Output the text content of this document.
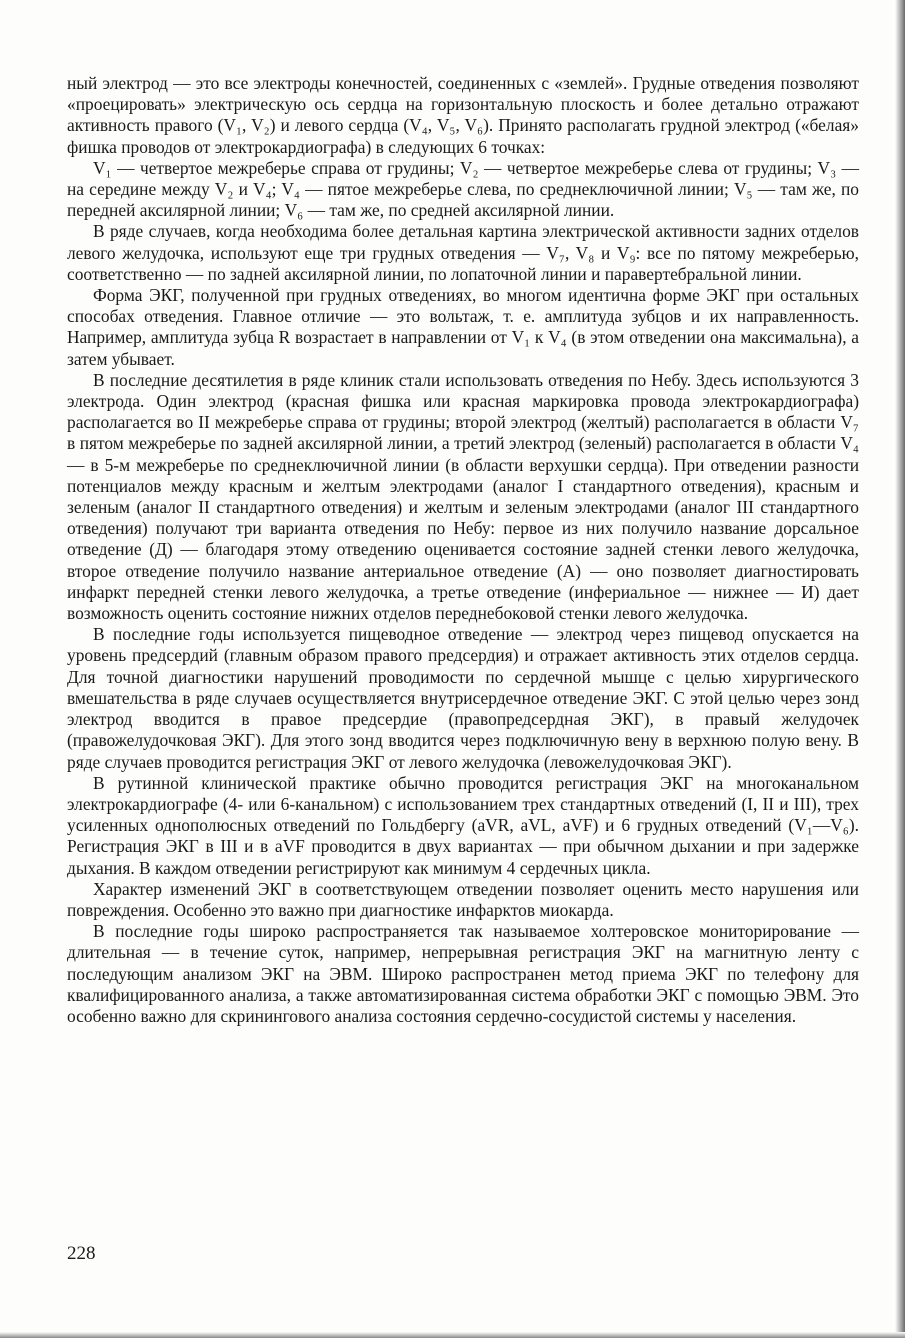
ный электрод — это все электроды конечностей, соединенных с «землей». Грудные отведения позволяют «проецировать» электрическую ось сердца на горизонтальную плоскость и более детально отражают активность правого (V₁, V₂) и левого сердца (V₄, V₅, V₆). Принято располагать грудной электрод («белая» фишка проводов от электрокардиографа) в следующих 6 точках:

V₁ — четвертое межреберье справа от грудины; V₂ — четвертое межреберье слева от грудины; V₃ — на середине между V₂ и V₄; V₄ — пятое межреберье слева, по среднеключичной линии; V₅ — там же, по передней аксилярной линии; V₆ — там же, по средней аксилярной линии.

В ряде случаев, когда необходима более детальная картина электрической активности задних отделов левого желудочка, используют еще три грудных отведения — V₇, V₈ и V₉: все по пятому межреберью, соответственно — по задней аксилярной линии, по лопаточной линии и паравертебральной линии.

Форма ЭКГ, полученной при грудных отведениях, во многом идентична форме ЭКГ при остальных способах отведения. Главное отличие — это вольтаж, т. е. амплитуда зубцов и их направленность. Например, амплитуда зубца R возрастает в направлении от V₁ к V₄ (в этом отведении она максимальна), а затем убывает.

В последние десятилетия в ряде клиник стали использовать отведения по Небу. Здесь используются 3 электрода. Один электрод (красная фишка или красная маркировка провода электрокардиографа) располагается во II межреберье справа от грудины; второй электрод (желтый) располагается в области V₇ в пятом межреберье по задней аксилярной линии, а третий электрод (зеленый) располагается в области V₄ — в 5-м межреберье по среднеключичной линии (в области верхушки сердца). При отведении разности потенциалов между красным и желтым электродами (аналог I стандартного отведения), красным и зеленым (аналог II стандартного отведения) и желтым и зеленым электродами (аналог III стандартного отведения) получают три варианта отведения по Небу: первое из них получило название дорсальное отведение (Д) — благодаря этому отведению оценивается состояние задней стенки левого желудочка, второе отведение получило название антериальное отведение (А) — оно позволяет диагностировать инфаркт передней стенки левого желудочка, а третье отведение (инфериальное — нижнее — И) дает возможность оценить состояние нижних отделов переднебоковой стенки левого желудочка.

В последние годы используется пищеводное отведение — электрод через пищевод опускается на уровень предсердий (главным образом правого предсердия) и отражает активность этих отделов сердца. Для точной диагностики нарушений проводимости по сердечной мышце с целью хирургического вмешательства в ряде случаев осуществляется внутрисердечное отведение ЭКГ. С этой целью через зонд электрод вводится в правое предсердие (правопредсердная ЭКГ), в правый желудочек (правожелудочковая ЭКГ). Для этого зонд вводится через подключичную вену в верхнюю полую вену. В ряде случаев проводится регистрация ЭКГ от левого желудочка (левожелудочковая ЭКГ).

В рутинной клинической практике обычно проводится регистрация ЭКГ на многоканальном электрокардиографе (4- или 6-канальном) с использованием трех стандартных отведений (I, II и III), трех усиленных однополюсных отведений по Гольдбергу (aVR, aVL, aVF) и 6 грудных отведений (V₁—V₆). Регистрация ЭКГ в III и в aVF проводится в двух вариантах — при обычном дыхании и при задержке дыхания. В каждом отведении регистрируют как минимум 4 сердечных цикла.

Характер изменений ЭКГ в соответствующем отведении позволяет оценить место нарушения или повреждения. Особенно это важно при диагностике инфарктов миокарда.

В последние годы широко распространяется так называемое холтеровское мониторирование — длительная — в течение суток, например, непрерывная регистрация ЭКГ на магнитную ленту с последующим анализом ЭКГ на ЭВМ. Широко распространен метод приема ЭКГ по телефону для квалифицированного анализа, а также автоматизированная система обработки ЭКГ с помощью ЭВМ. Это особенно важно для скринингового анализа состояния сердечно-сосудистой системы у населения.

228
